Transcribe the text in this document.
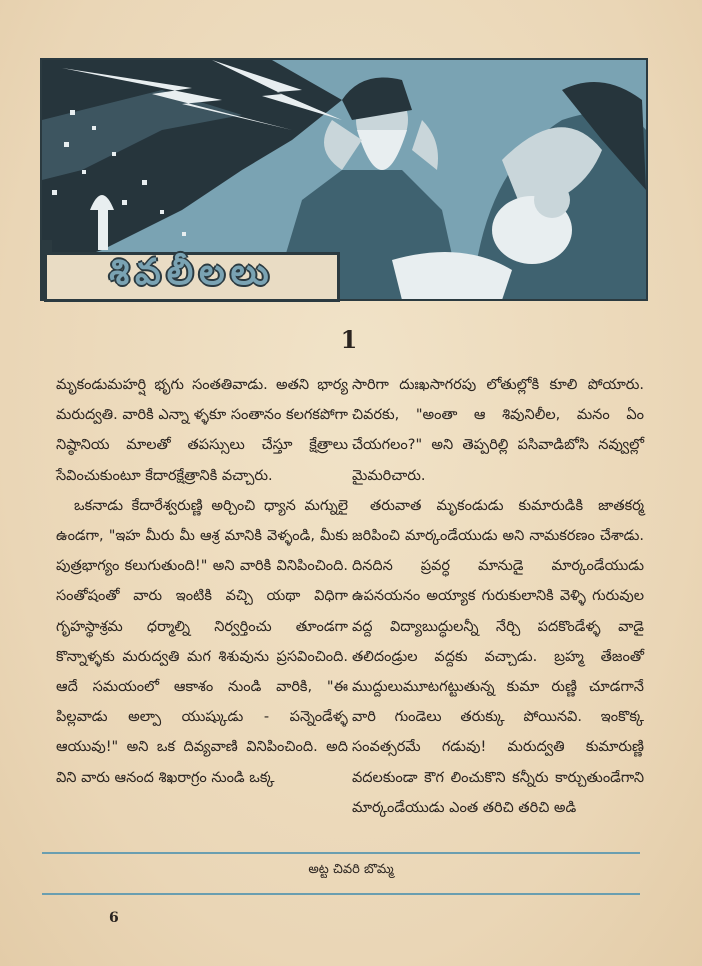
శివలీలలు
1

మృకండుమహర్షి భృగు సంతతివాడు. అతని భార్య మరుద్వతి. వారికి ఎన్నా ళ్ళకూ సంతానం కలగకపోగా నిష్ఠానియ మాలతో తపస్సులు చేస్తూ క్షేత్రాలు సేవించుకుంటూ కేదారక్షేత్రానికి వచ్చారు.

ఒకనాడు కేదారేశ్వరుణ్ణి అర్చించి ధ్యాన మగ్నులై ఉండగా, "ఇహ మీరు మీ ఆశ్ర మానికి వెళ్ళండి, మీకు పుత్రభాగ్యం కలుగుతుంది!" అని వారికి వినిపించింది. సంతోషంతో వారు ఇంటికి వచ్చి యథా విధిగా గృహస్థాశ్రమ ధర్మాల్ని నిర్వర్తించు తూండగా కొన్నాళ్ళకు మరుద్వతి మగ శిశువును ప్రసవించింది. ఆదే సమయంలో ఆకాశం నుండి వారికి, "ఈ పిల్లవాడు అల్పా యుష్కుడు - పన్నెండేళ్ళ ఆయువు!" అని ఒక దివ్యవాణి వినిపించింది. అది విని వారు ఆనంద శిఖరాగ్రం నుండి ఒక్క

సారిగా దుఃఖసాగరపు లోతుల్లోకి కూలి పోయారు. చివరకు, "అంతా ఆ శివునిలీల, మనం ఏం చేయగలం?" అని తెప్పరిల్లి పసివాడిబోసి నవ్వుల్లో మైమరిచారు.

తరువాత మృకండుడు కుమారుడికి జాతకర్మ జరిపించి మార్కండేయుడు అని నామకరణం చేశాడు. దినదిన ప్రవర్ధ మానుడై మార్కండేయుడు ఉపనయనం అయ్యాక గురుకులానికి వెళ్ళి గురువుల వద్ద విద్యాబుద్ధులన్నీ నేర్చి పదకొండేళ్ళ వాడై తలిదండ్రుల వద్దకు వచ్చాడు. బ్రహ్మ తేజంతో ముద్దులుమూటగట్టుతున్న కుమా రుణ్ణి చూడగానే వారి గుండెలు తరుక్కు పోయినవి. ఇంకొక్క సంవత్సరమే గడువు! మరుద్వతి కుమారుణ్ణి వదలకుండా కౌగ లించుకొని కన్నీరు కార్చుతుండేగాని మార్కండేయుడు ఎంత తరిచి తరిచి అడి

అట్ట చివరి బొమ్మ
6
